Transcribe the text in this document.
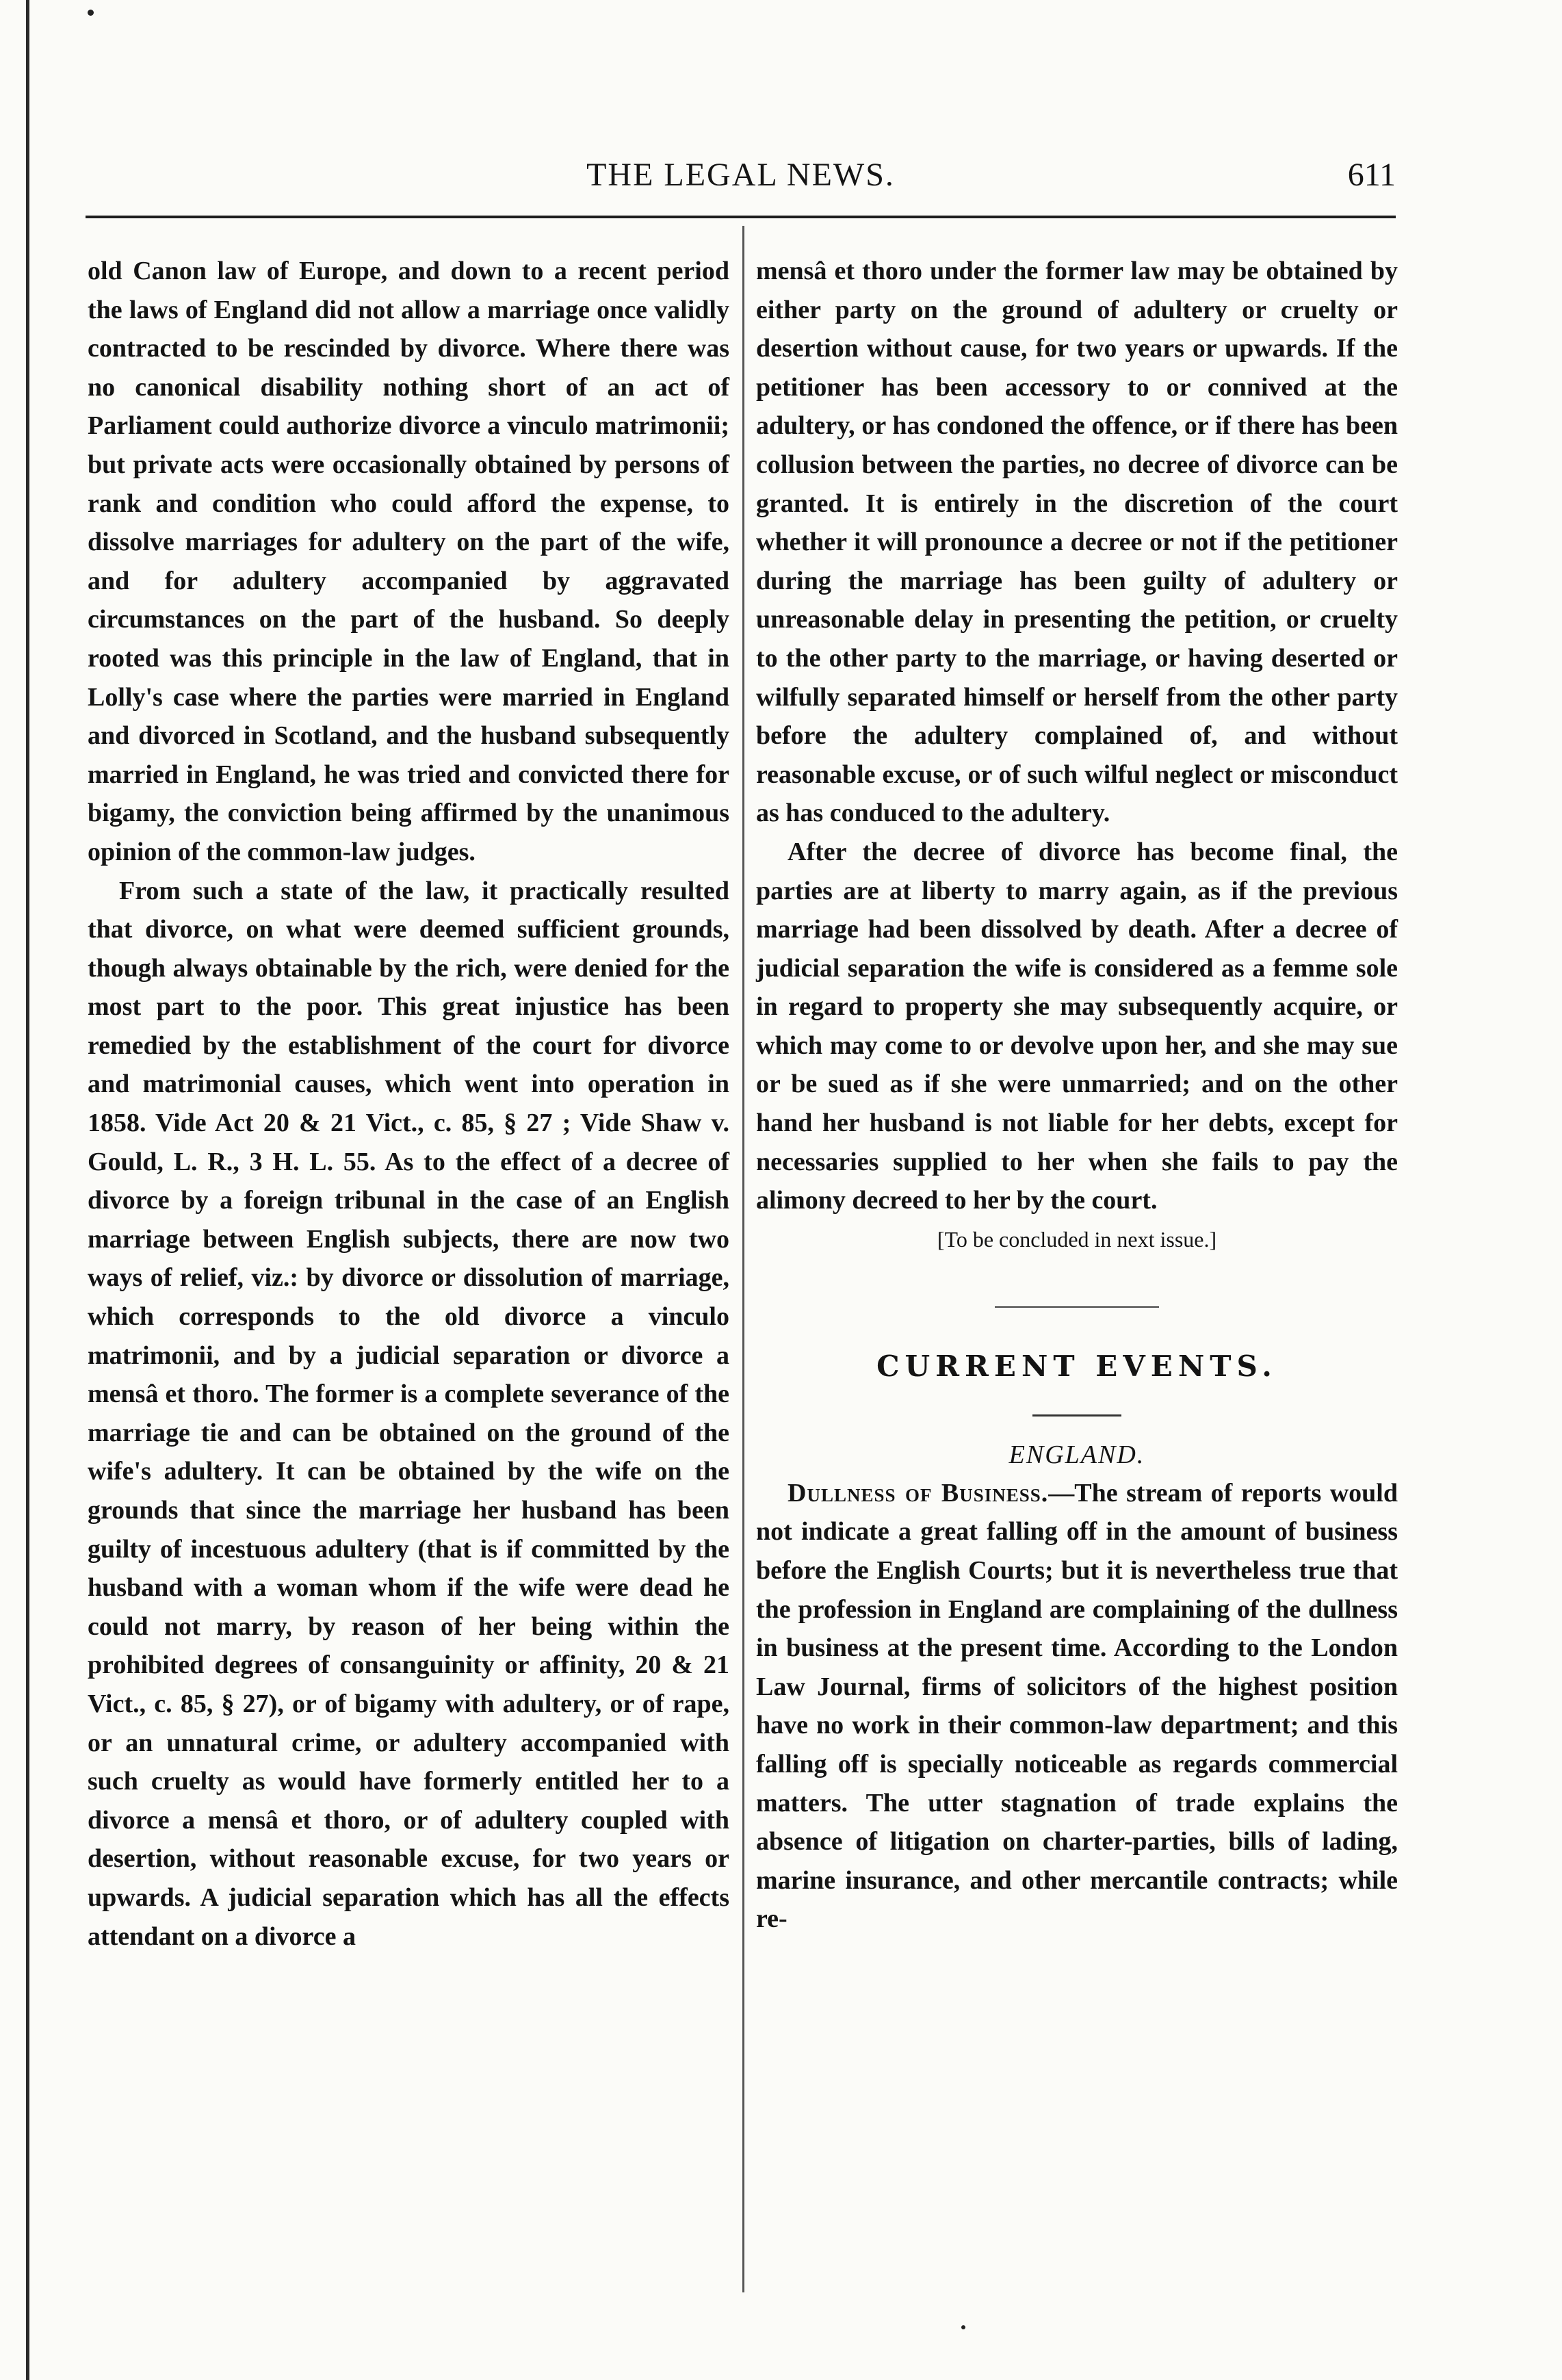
THE LEGAL NEWS.	611

old Canon law of Europe, and down to a recent period the laws of England did not allow a marriage once validly contracted to be rescinded by divorce. Where there was no canonical disability nothing short of an act of Parliament could authorize divorce a vinculo matrimonii; but private acts were occasionally obtained by persons of rank and condition who could afford the expense, to dissolve marriages for adultery on the part of the wife, and for adultery accompanied by aggravated circumstances on the part of the husband. So deeply rooted was this principle in the law of England, that in Lolly's case where the parties were married in England and divorced in Scotland, and the husband subsequently married in England, he was tried and convicted there for bigamy, the conviction being affirmed by the unanimous opinion of the common-law judges.

From such a state of the law, it practically resulted that divorce, on what were deemed sufficient grounds, though always obtainable by the rich, were denied for the most part to the poor. This great injustice has been remedied by the establishment of the court for divorce and matrimonial causes, which went into operation in 1858. Vide Act 20 & 21 Vict., c. 85, § 27 ; Vide Shaw v. Gould, L. R., 3 H. L. 55. As to the effect of a decree of divorce by a foreign tribunal in the case of an English marriage between English subjects, there are now two ways of relief, viz.: by divorce or dissolution of marriage, which corresponds to the old divorce a vinculo matrimonii, and by a judicial separation or divorce a mensâ et thoro. The former is a complete severance of the marriage tie and can be obtained on the ground of the wife's adultery. It can be obtained by the wife on the grounds that since the marriage her husband has been guilty of incestuous adultery (that is if committed by the husband with a woman whom if the wife were dead he could not marry, by reason of her being within the prohibited degrees of consanguinity or affinity, 20 & 21 Vict., c. 85, § 27), or of bigamy with adultery, or of rape, or an unnatural crime, or adultery accompanied with such cruelty as would have formerly entitled her to a divorce a mensâ et thoro, or of adultery coupled with desertion, without reasonable excuse, for two years or upwards. A judicial separation which has all the effects attendant on a divorce a

mensâ et thoro under the former law may be obtained by either party on the ground of adultery or cruelty or desertion without cause, for two years or upwards. If the petitioner has been accessory to or connived at the adultery, or has condoned the offence, or if there has been collusion between the parties, no decree of divorce can be granted. It is entirely in the discretion of the court whether it will pronounce a decree or not if the petitioner during the marriage has been guilty of adultery or unreasonable delay in presenting the petition, or cruelty to the other party to the marriage, or having deserted or wilfully separated himself or herself from the other party before the adultery complained of, and without reasonable excuse, or of such wilful neglect or misconduct as has conduced to the adultery.

After the decree of divorce has become final, the parties are at liberty to marry again, as if the previous marriage had been dissolved by death. After a decree of judicial separation the wife is considered as a femme sole in regard to property she may subsequently acquire, or which may come to or devolve upon her, and she may sue or be sued as if she were unmarried; and on the other hand her husband is not liable for her debts, except for necessaries supplied to her when she fails to pay the alimony decreed to her by the court.

[To be concluded in next issue.]

CURRENT EVENTS.
ENGLAND.

Dullness of Business.—The stream of reports would not indicate a great falling off in the amount of business before the English Courts; but it is nevertheless true that the profession in England are complaining of the dullness in business at the present time. According to the London Law Journal, firms of solicitors of the highest position have no work in their common-law department; and this falling off is specially noticeable as regards commercial matters. The utter stagnation of trade explains the absence of litigation on charter-parties, bills of lading, marine insurance, and other mercantile contracts; while re-
